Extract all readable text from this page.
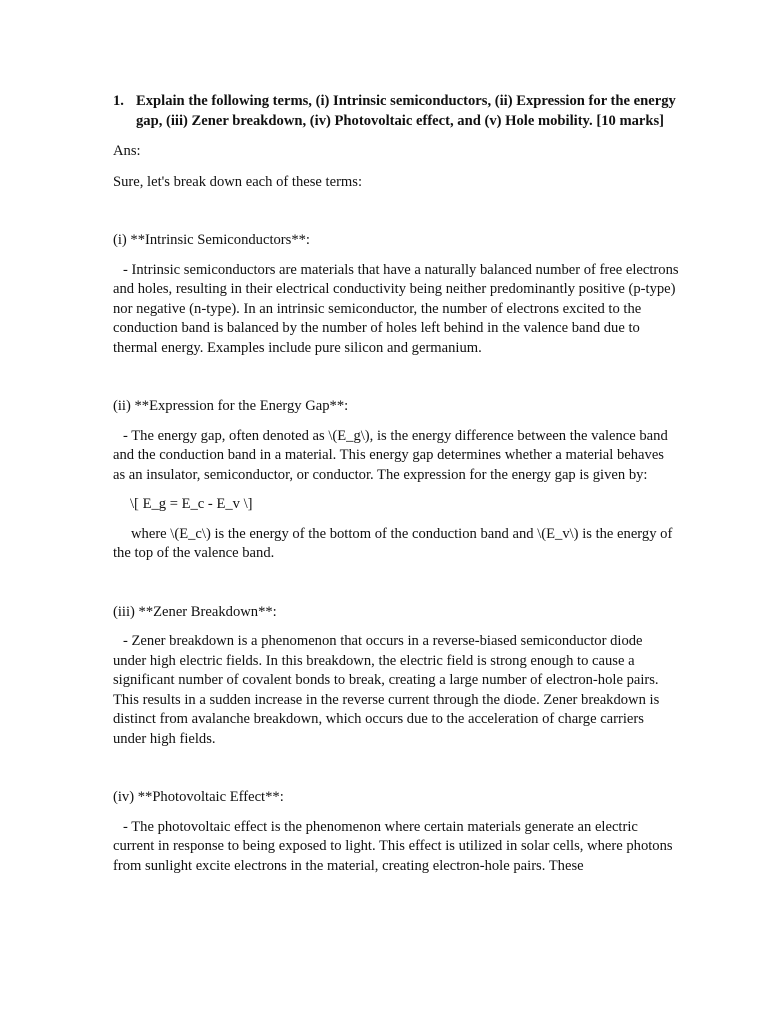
1. Explain the following terms, (i) Intrinsic semiconductors, (ii) Expression for the energy gap, (iii) Zener breakdown, (iv) Photovoltaic effect, and (v) Hole mobility. [10 marks]

Ans:

Sure, let's break down each of these terms:

(i) **Intrinsic Semiconductors**:

- Intrinsic semiconductors are materials that have a naturally balanced number of free electrons and holes, resulting in their electrical conductivity being neither predominantly positive (p-type) nor negative (n-type). In an intrinsic semiconductor, the number of electrons excited to the conduction band is balanced by the number of holes left behind in the valence band due to thermal energy. Examples include pure silicon and germanium.

(ii) **Expression for the Energy Gap**:

- The energy gap, often denoted as \(E_g\), is the energy difference between the valence band and the conduction band in a material. This energy gap determines whether a material behaves as an insulator, semiconductor, or conductor. The expression for the energy gap is given by:

\[ E_g = E_c - E_v \]

where \(E_c\) is the energy of the bottom of the conduction band and \(E_v\) is the energy of the top of the valence band.

(iii) **Zener Breakdown**:

- Zener breakdown is a phenomenon that occurs in a reverse-biased semiconductor diode under high electric fields. In this breakdown, the electric field is strong enough to cause a significant number of covalent bonds to break, creating a large number of electron-hole pairs. This results in a sudden increase in the reverse current through the diode. Zener breakdown is distinct from avalanche breakdown, which occurs due to the acceleration of charge carriers under high fields.

(iv) **Photovoltaic Effect**:

- The photovoltaic effect is the phenomenon where certain materials generate an electric current in response to being exposed to light. This effect is utilized in solar cells, where photons from sunlight excite electrons in the material, creating electron-hole pairs. These
